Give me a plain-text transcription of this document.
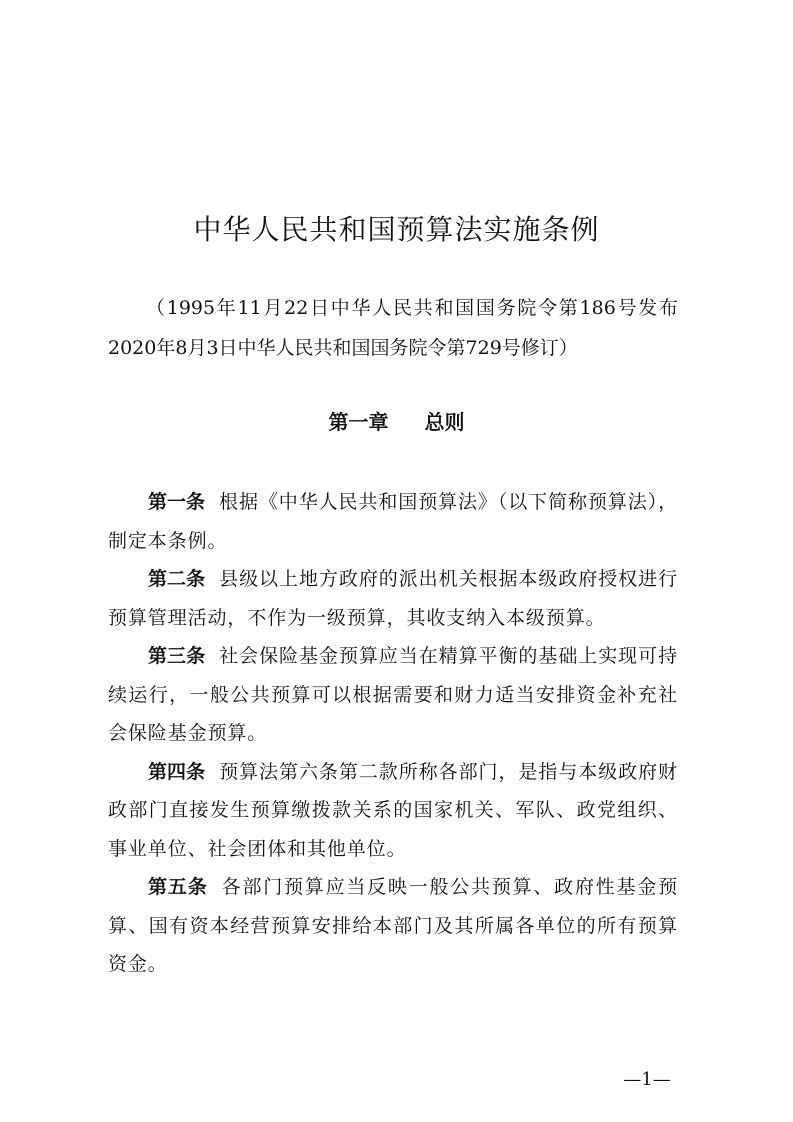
中华人民共和国预算法实施条例
（1995年11月22日中华人民共和国国务院令第186号发布　2020年8月3日中华人民共和国国务院令第729号修订）
第一章 总则

第一条 根据《中华人民共和国预算法》（以下简称预算法），制定本条例。

第二条 县级以上地方政府的派出机关根据本级政府授权进行预算管理活动，不作为一级预算，其收支纳入本级预算。

第三条 社会保险基金预算应当在精算平衡的基础上实现可持续运行，一般公共预算可以根据需要和财力适当安排资金补充社会保险基金预算。

第四条 预算法第六条第二款所称各部门，是指与本级政府财政部门直接发生预算缴拨款关系的国家机关、军队、政党组织、事业单位、社会团体和其他单位。

第五条 各部门预算应当反映一般公共预算、政府性基金预算、国有资本经营预算安排给本部门及其所属各单位的所有预算资金。

—1—
